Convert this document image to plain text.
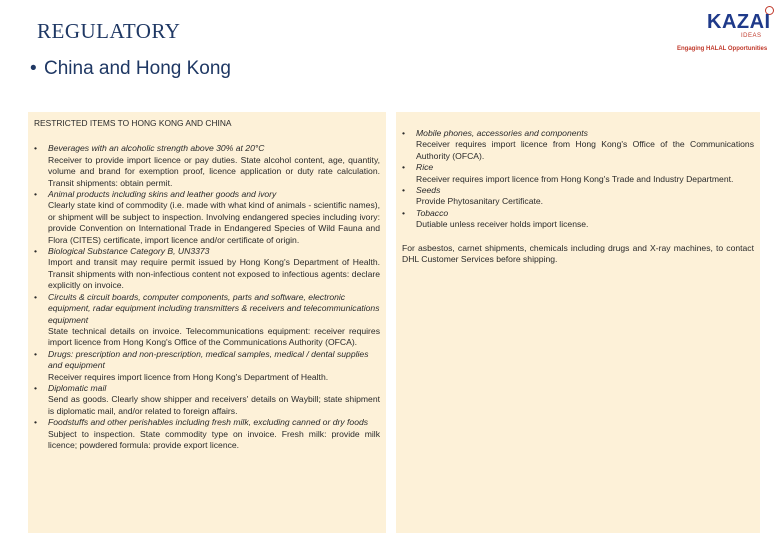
REGULATORY
• China and Hong Kong
KAZAI
IDEAS
Engaging HALAL Opportunities
RESTRICTED ITEMS TO HONG KONG AND CHINA
• Beverages with an alcoholic strength above 30% at 20°C
Receiver to provide import licence or pay duties. State alcohol content, age, quantity, volume and brand for exemption proof, licence application or duty rate calculation. Transit shipments: obtain permit.
• Animal products including skins and leather goods and ivory
Clearly state kind of commodity (i.e. made with what kind of animals - scientific names), or shipment will be subject to inspection. Involving endangered species including ivory: provide Convention on International Trade in Endangered Species of Wild Fauna and Flora (CITES) certificate, import licence and/or certificate of origin.
• Biological Substance Category B, UN3373
Import and transit may require permit issued by Hong Kong's Department of Health. Transit shipments with non-infectious content not exposed to infectious agents: declare explicitly on invoice.
• Circuits & circuit boards, computer components, parts and software, electronic equipment, radar equipment including transmitters & receivers and telecommunications equipment
State technical details on invoice. Telecommunications equipment: receiver requires import licence from Hong Kong's Office of the Communications Authority (OFCA).
• Drugs: prescription and non-prescription, medical samples, medical / dental supplies and equipment
Receiver requires import licence from Hong Kong's Department of Health.
• Diplomatic mail
Send as goods. Clearly show shipper and receivers' details on Waybill; state shipment is diplomatic mail, and/or related to foreign affairs.
• Foodstuffs and other perishables including fresh milk, excluding canned or dry foods
Subject to inspection. State commodity type on invoice. Fresh milk: provide milk licence; powdered formula: provide export licence.
• Mobile phones, accessories and components
Receiver requires import licence from Hong Kong's Office of the Communications Authority (OFCA).
• Rice
Receiver requires import licence from Hong Kong's Trade and Industry Department.
• Seeds
Provide Phytosanitary Certificate.
• Tobacco
Dutiable unless receiver holds import license.
For asbestos, carnet shipments, chemicals including drugs and X-ray machines, to contact DHL Customer Services before shipping.
